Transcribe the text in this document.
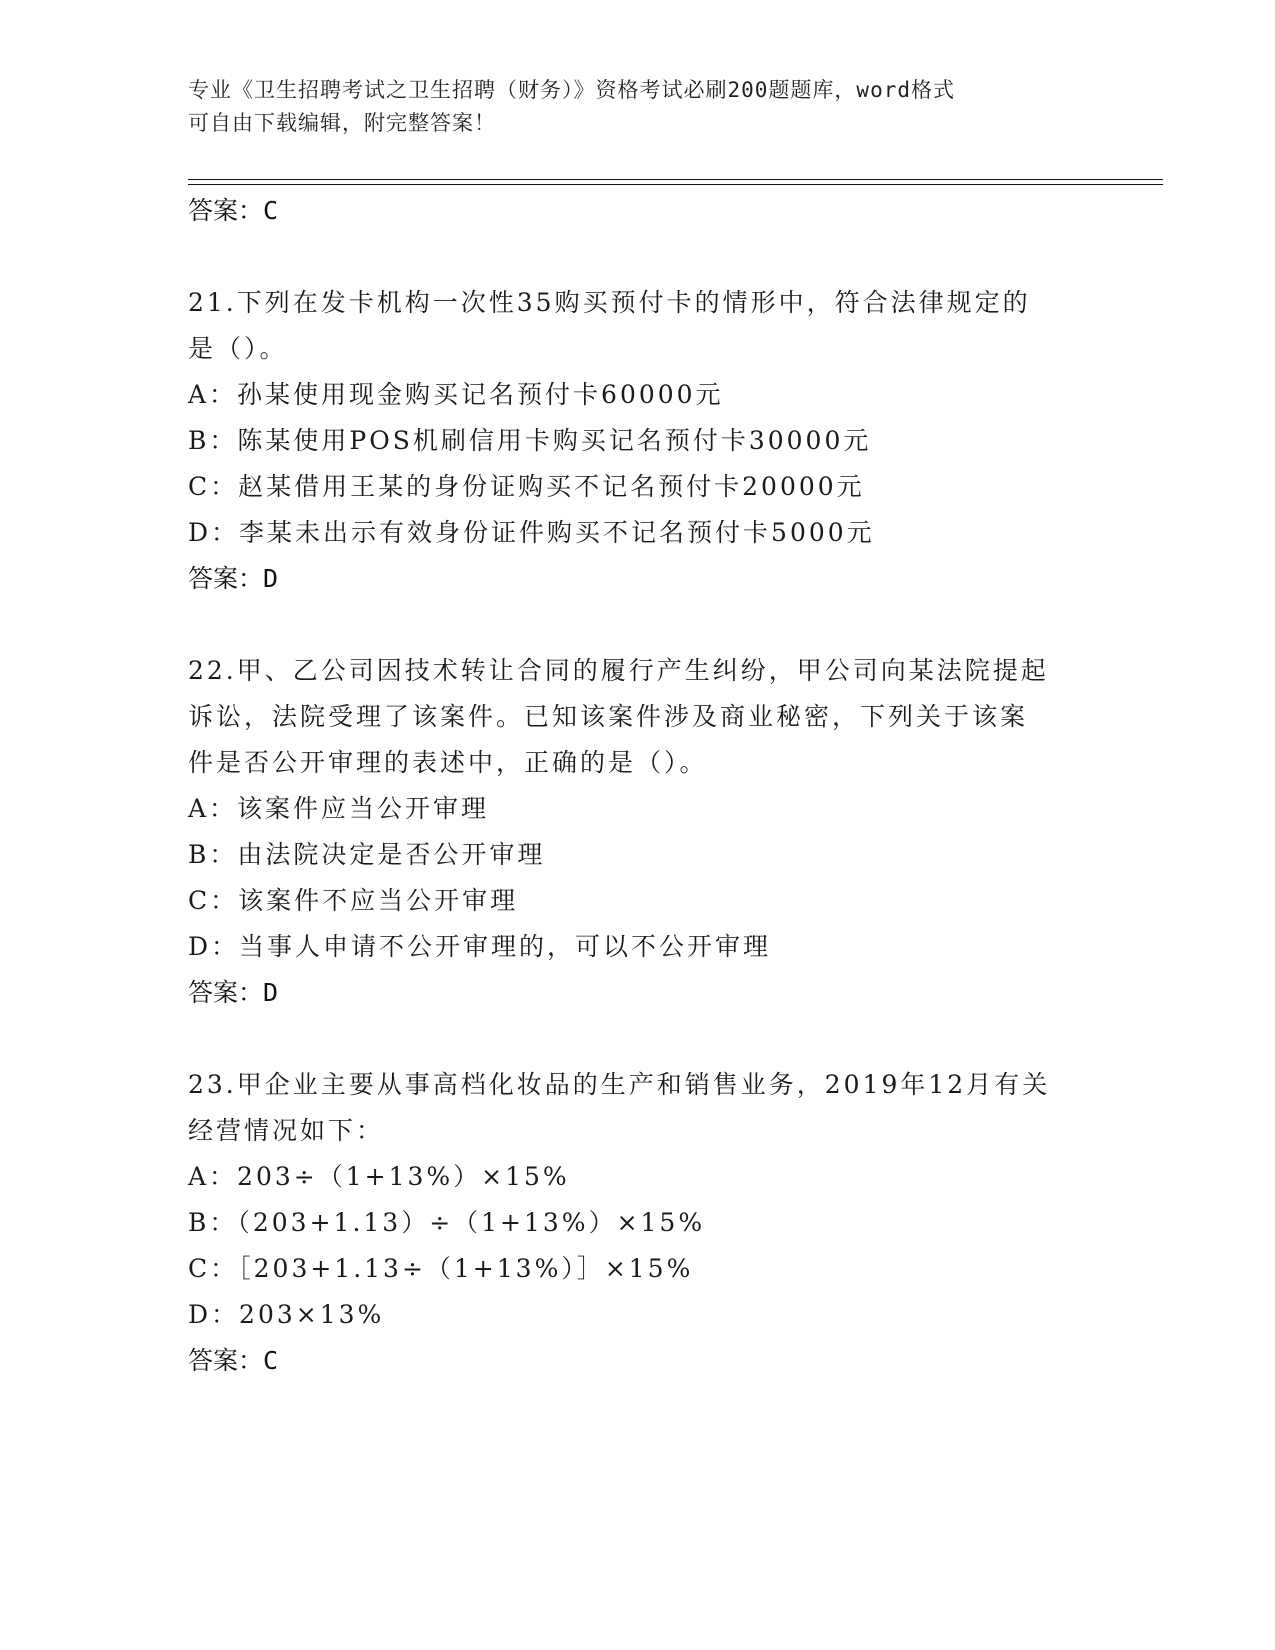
专业《卫生招聘考试之卫生招聘（财务）》资格考试必刷200题题库，word格式
可自由下载编辑，附完整答案！
答案：C
21.下列在发卡机构一次性35购买预付卡的情形中，符合法律规定的
是（）。
A：孙某使用现金购买记名预付卡60000元
B：陈某使用POS机刷信用卡购买记名预付卡30000元
C：赵某借用王某的身份证购买不记名预付卡20000元
D：李某未出示有效身份证件购买不记名预付卡5000元
答案：D
22.甲、乙公司因技术转让合同的履行产生纠纷，甲公司向某法院提起
诉讼，法院受理了该案件。已知该案件涉及商业秘密，下列关于该案
件是否公开审理的表述中，正确的是（）。
A：该案件应当公开审理
B：由法院决定是否公开审理
C：该案件不应当公开审理
D：当事人申请不公开审理的，可以不公开审理
答案：D
23.甲企业主要从事高档化妆品的生产和销售业务，2019年12月有关
经营情况如下：
A：203÷（1+13%）×15%
B：（203+1.13）÷（1+13%）×15%
C：［203+1.13÷（1+13%）］×15%
D：203×13%
答案：C
